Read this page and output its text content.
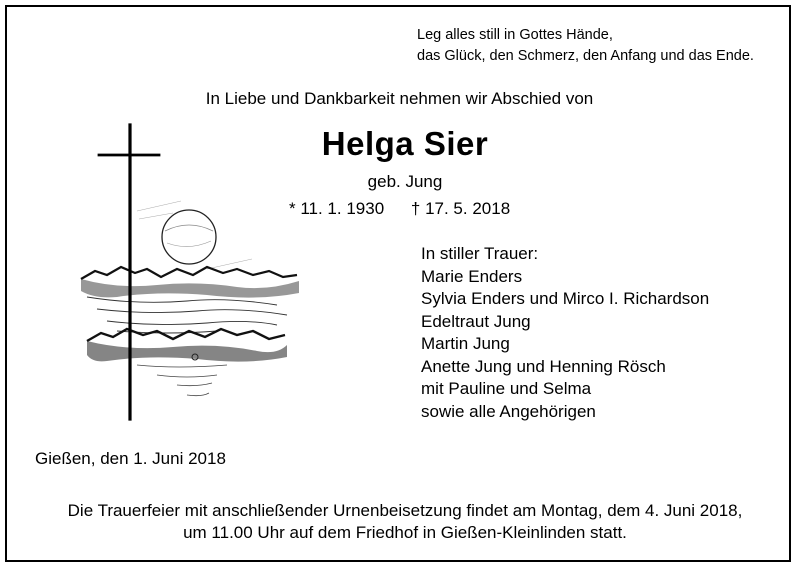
Leg alles still in Gottes Hände,
das Glück, den Schmerz, den Anfang und das Ende.
In Liebe und Dankbarkeit nehmen wir Abschied von
Helga Sier
geb. Jung
* 11. 1. 1930 † 17. 5. 2018
In stiller Trauer:
Marie Enders
Sylvia Enders und Mirco I. Richardson
Edeltraut Jung
Martin Jung
Anette Jung und Henning Rösch
mit Pauline und Selma
sowie alle Angehörigen
Gießen, den 1. Juni 2018
Die Trauerfeier mit anschließender Urnenbeisetzung findet am Montag, dem 4. Juni 2018,
um 11.00 Uhr auf dem Friedhof in Gießen-Kleinlinden statt.
